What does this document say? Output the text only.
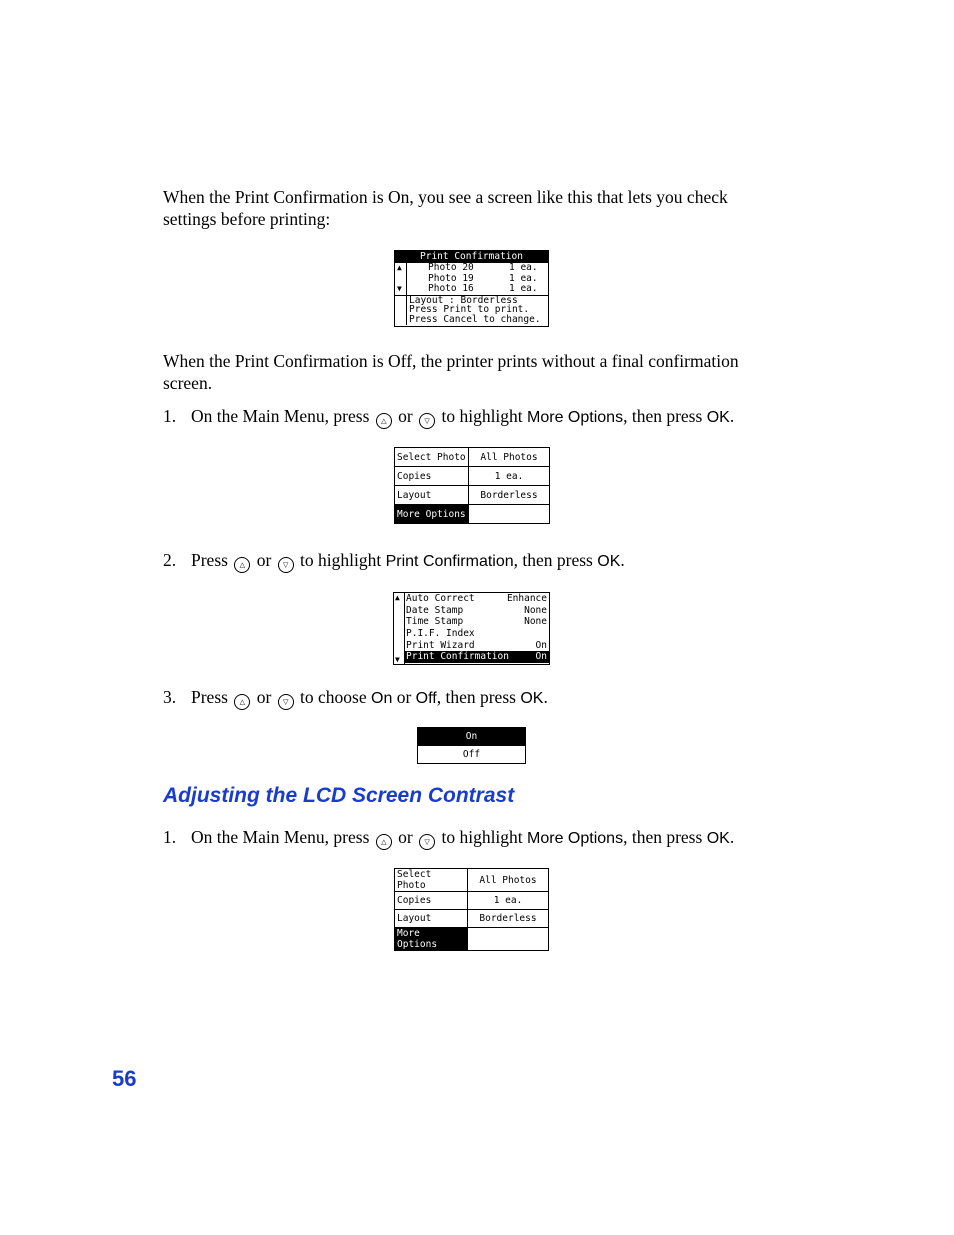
When the Print Confirmation is On, you see a screen like this that lets you check settings before printing:

Print Confirmation
▲	Photo 20	1 ea.
Photo 19	1 ea.
▼	Photo 16	1 ea.
Layout : Borderless
Press Print to print.
Press Cancel to change.

When the Print Confirmation is Off, the printer prints without a final confirmation screen.

1. On the Main Menu, press △ or ▽ to highlight More Options, then press OK.
Select Photo	All Photos
Copies	1 ea.
Layout	Borderless
More Options	
2. Press △ or ▽ to highlight Print Confirmation, then press OK.
▲ Auto Correct	Enhance
Date Stamp	None
Time Stamp	None
P.I.F. Index
Print Wizard	On
Print Confirmation	On
▼
3. Press △ or ▽ to choose On or Off, then press OK.
On
Off
Adjusting the LCD Screen Contrast
1. On the Main Menu, press △ or ▽ to highlight More Options, then press OK.
Select Photo	All Photos
Copies	1 ea.
Layout	Borderless
More Options	
56
